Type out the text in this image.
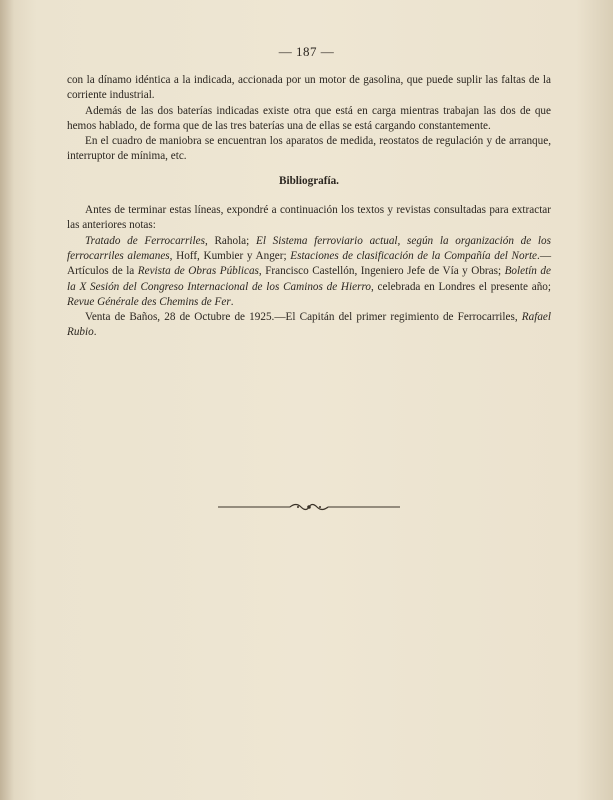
— 187 —

con la dínamo idéntica a la indicada, accionada por un motor de gasolina, que puede suplir las faltas de la corriente industrial.

Además de las dos baterías indicadas existe otra que está en carga mientras trabajan las dos de que hemos hablado, de forma que de las tres baterías una de ellas se está cargando constantemente.

En el cuadro de maniobra se encuentran los aparatos de medida, reostatos de regulación y de arranque, interruptor de mínima, etc.

Bibliografía.

Antes de terminar estas líneas, expondré a continuación los textos y revistas consultadas para extractar las anteriores notas:

Tratado de Ferrocarriles, Rahola; El Sistema ferroviario actual, según la organización de los ferrocarriles alemanes, Hoff, Kumbier y Anger; Estaciones de clasificación de la Compañía del Norte.—Artículos de la Revista de Obras Públicas, Francisco Castellón, Ingeniero Jefe de Vía y Obras; Boletín de la X Sesión del Congreso Internacional de los Caminos de Hierro, celebrada en Londres el presente año; Revue Générale des Chemins de Fer.

Venta de Baños, 28 de Octubre de 1925.—El Capitán del primer regimiento de Ferrocarriles, Rafael Rubio.
